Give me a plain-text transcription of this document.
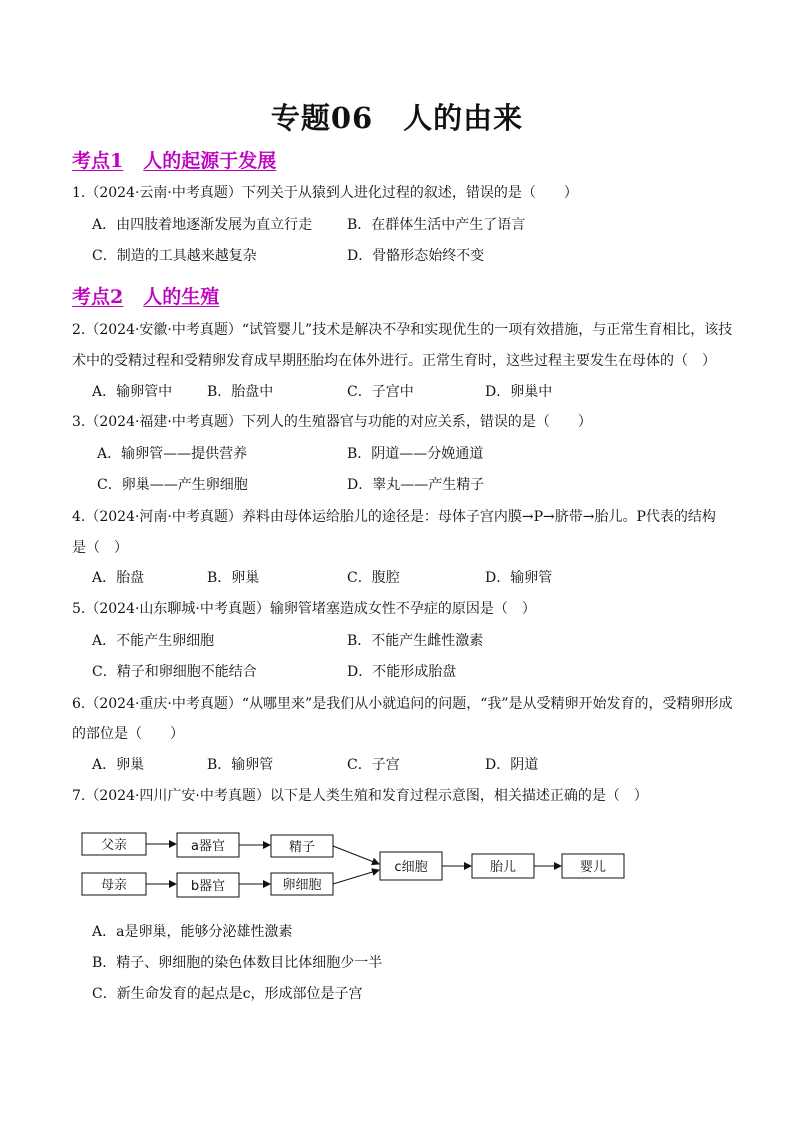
专题06 人的由来
考点1 人的起源于发展
1.（2024·云南·中考真题）下列关于从猿到人进化过程的叙述，错误的是（　　）
A．由四肢着地逐渐发展为直立行走 B．在群体生活中产生了语言
C．制造的工具越来越复杂	D．骨骼形态始终不变
考点2 人的生殖
2.（2024·安徽·中考真题）“试管婴儿”技术是解决不孕和实现优生的一项有效措施，与正常生育相比，该技
术中的受精过程和受精卵发育成早期胚胎均在体外进行。正常生育时，这些过程主要发生在母体的（　）
A．输卵管中 B．胎盘中	C．子宫中	D．卵巢中
3.（2024·福建·中考真题）下列人的生殖器官与功能的对应关系，错误的是（　　）
A．输卵管——提供营养	B．阴道——分娩通道
C．卵巢——产生卵细胞	D．睾丸——产生精子
4.（2024·河南·中考真题）养料由母体运给胎儿的途径是：母体子宫内膜→P→脐带→胎儿。P代表的结构
是（　）
A．胎盘	B．卵巢	C．腹腔	D．输卵管
5.（2024·山东聊城·中考真题）输卵管堵塞造成女性不孕症的原因是（　）
A．不能产生卵细胞	B．不能产生雌性激素
C．精子和卵细胞不能结合	D．不能形成胎盘
6.（2024·重庆·中考真题）“从哪里来”是我们从小就追问的问题，“我”是从受精卵开始发育的，受精卵形成
的部位是（　　）
A．卵巢	B．输卵管	C．子宫	D．阴道
7.（2024·四川广安·中考真题）以下是人类生殖和发育过程示意图，相关描述正确的是（　）
父亲
母亲
a器官
b器官
精子
卵细胞
c细胞	胎儿	婴儿
A．a是卵巢，能够分泌雄性激素
B．精子、卵细胞的染色体数目比体细胞少一半
C．新生命发育的起点是c，形成部位是子宫
